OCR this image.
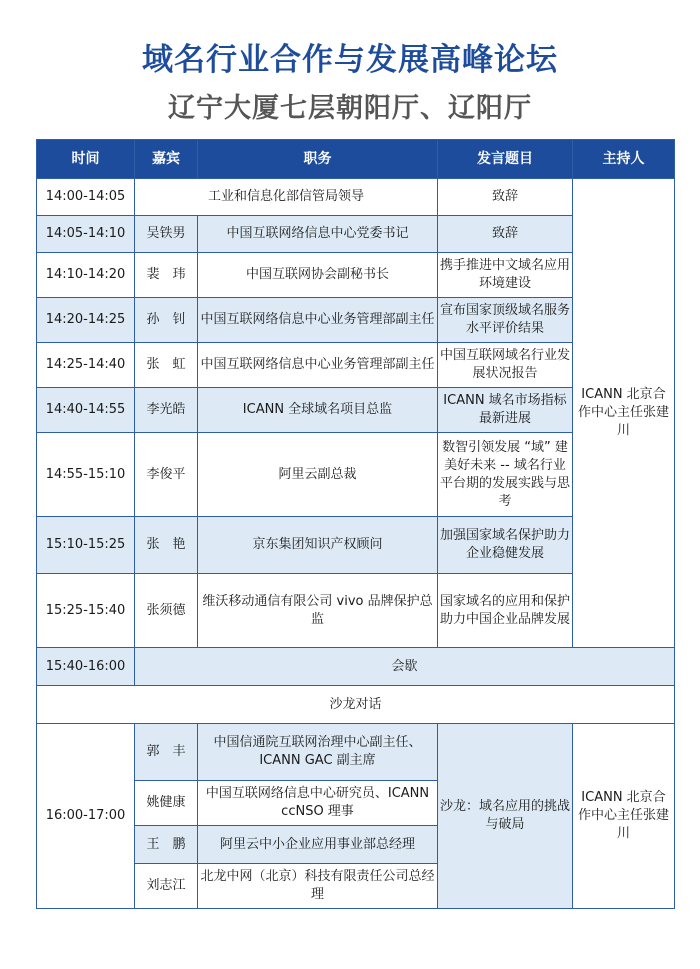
域名行业合作与发展高峰论坛
辽宁大厦七层朝阳厅、辽阳厅
时间	嘉宾	职务	发言题目	主持人
14:00-14:05	工业和信息化部信管局领导		致辞	ICANN 北京合作中心主任张建川
14:05-14:10	吴铁男	中国互联网络信息中心党委书记	致辞	
14:10-14:20	裴　玮	中国互联网协会副秘书长	携手推进中文域名应用环境建设	
14:20-14:25	孙　钊	中国互联网络信息中心业务管理部副主任	宣布国家顶级域名服务水平评价结果	
14:25-14:40	张　虹	中国互联网络信息中心业务管理部副主任	中国互联网域名行业发展状况报告	
14:40-14:55	李光皓	ICANN 全球域名项目总监	ICANN 域名市场指标最新进展	
14:55-15:10	李俊平	阿里云副总裁	数智引领发展 “域” 建美好未来 -- 域名行业平台期的发展实践与思考	
15:10-15:25	张　艳	京东集团知识产权顾问	加强国家域名保护助力企业稳健发展	
15:25-15:40	张须德	维沃移动通信有限公司 vivo 品牌保护总监	国家域名的应用和保护助力中国企业品牌发展	
15:40-16:00	会歇			
沙龙对话				
16:00-17:00	郭　丰	中国信通院互联网治理中心副主任、ICANN GAC 副主席	沙龙：域名应用的挑战与破局	ICANN 北京合作中心主任张建川
	姚健康	中国互联网络信息中心研究员、ICANN ccNSO 理事		
	王　鹏	阿里云中小企业应用事业部总经理		
	刘志江	北龙中网（北京）科技有限责任公司总经理		
